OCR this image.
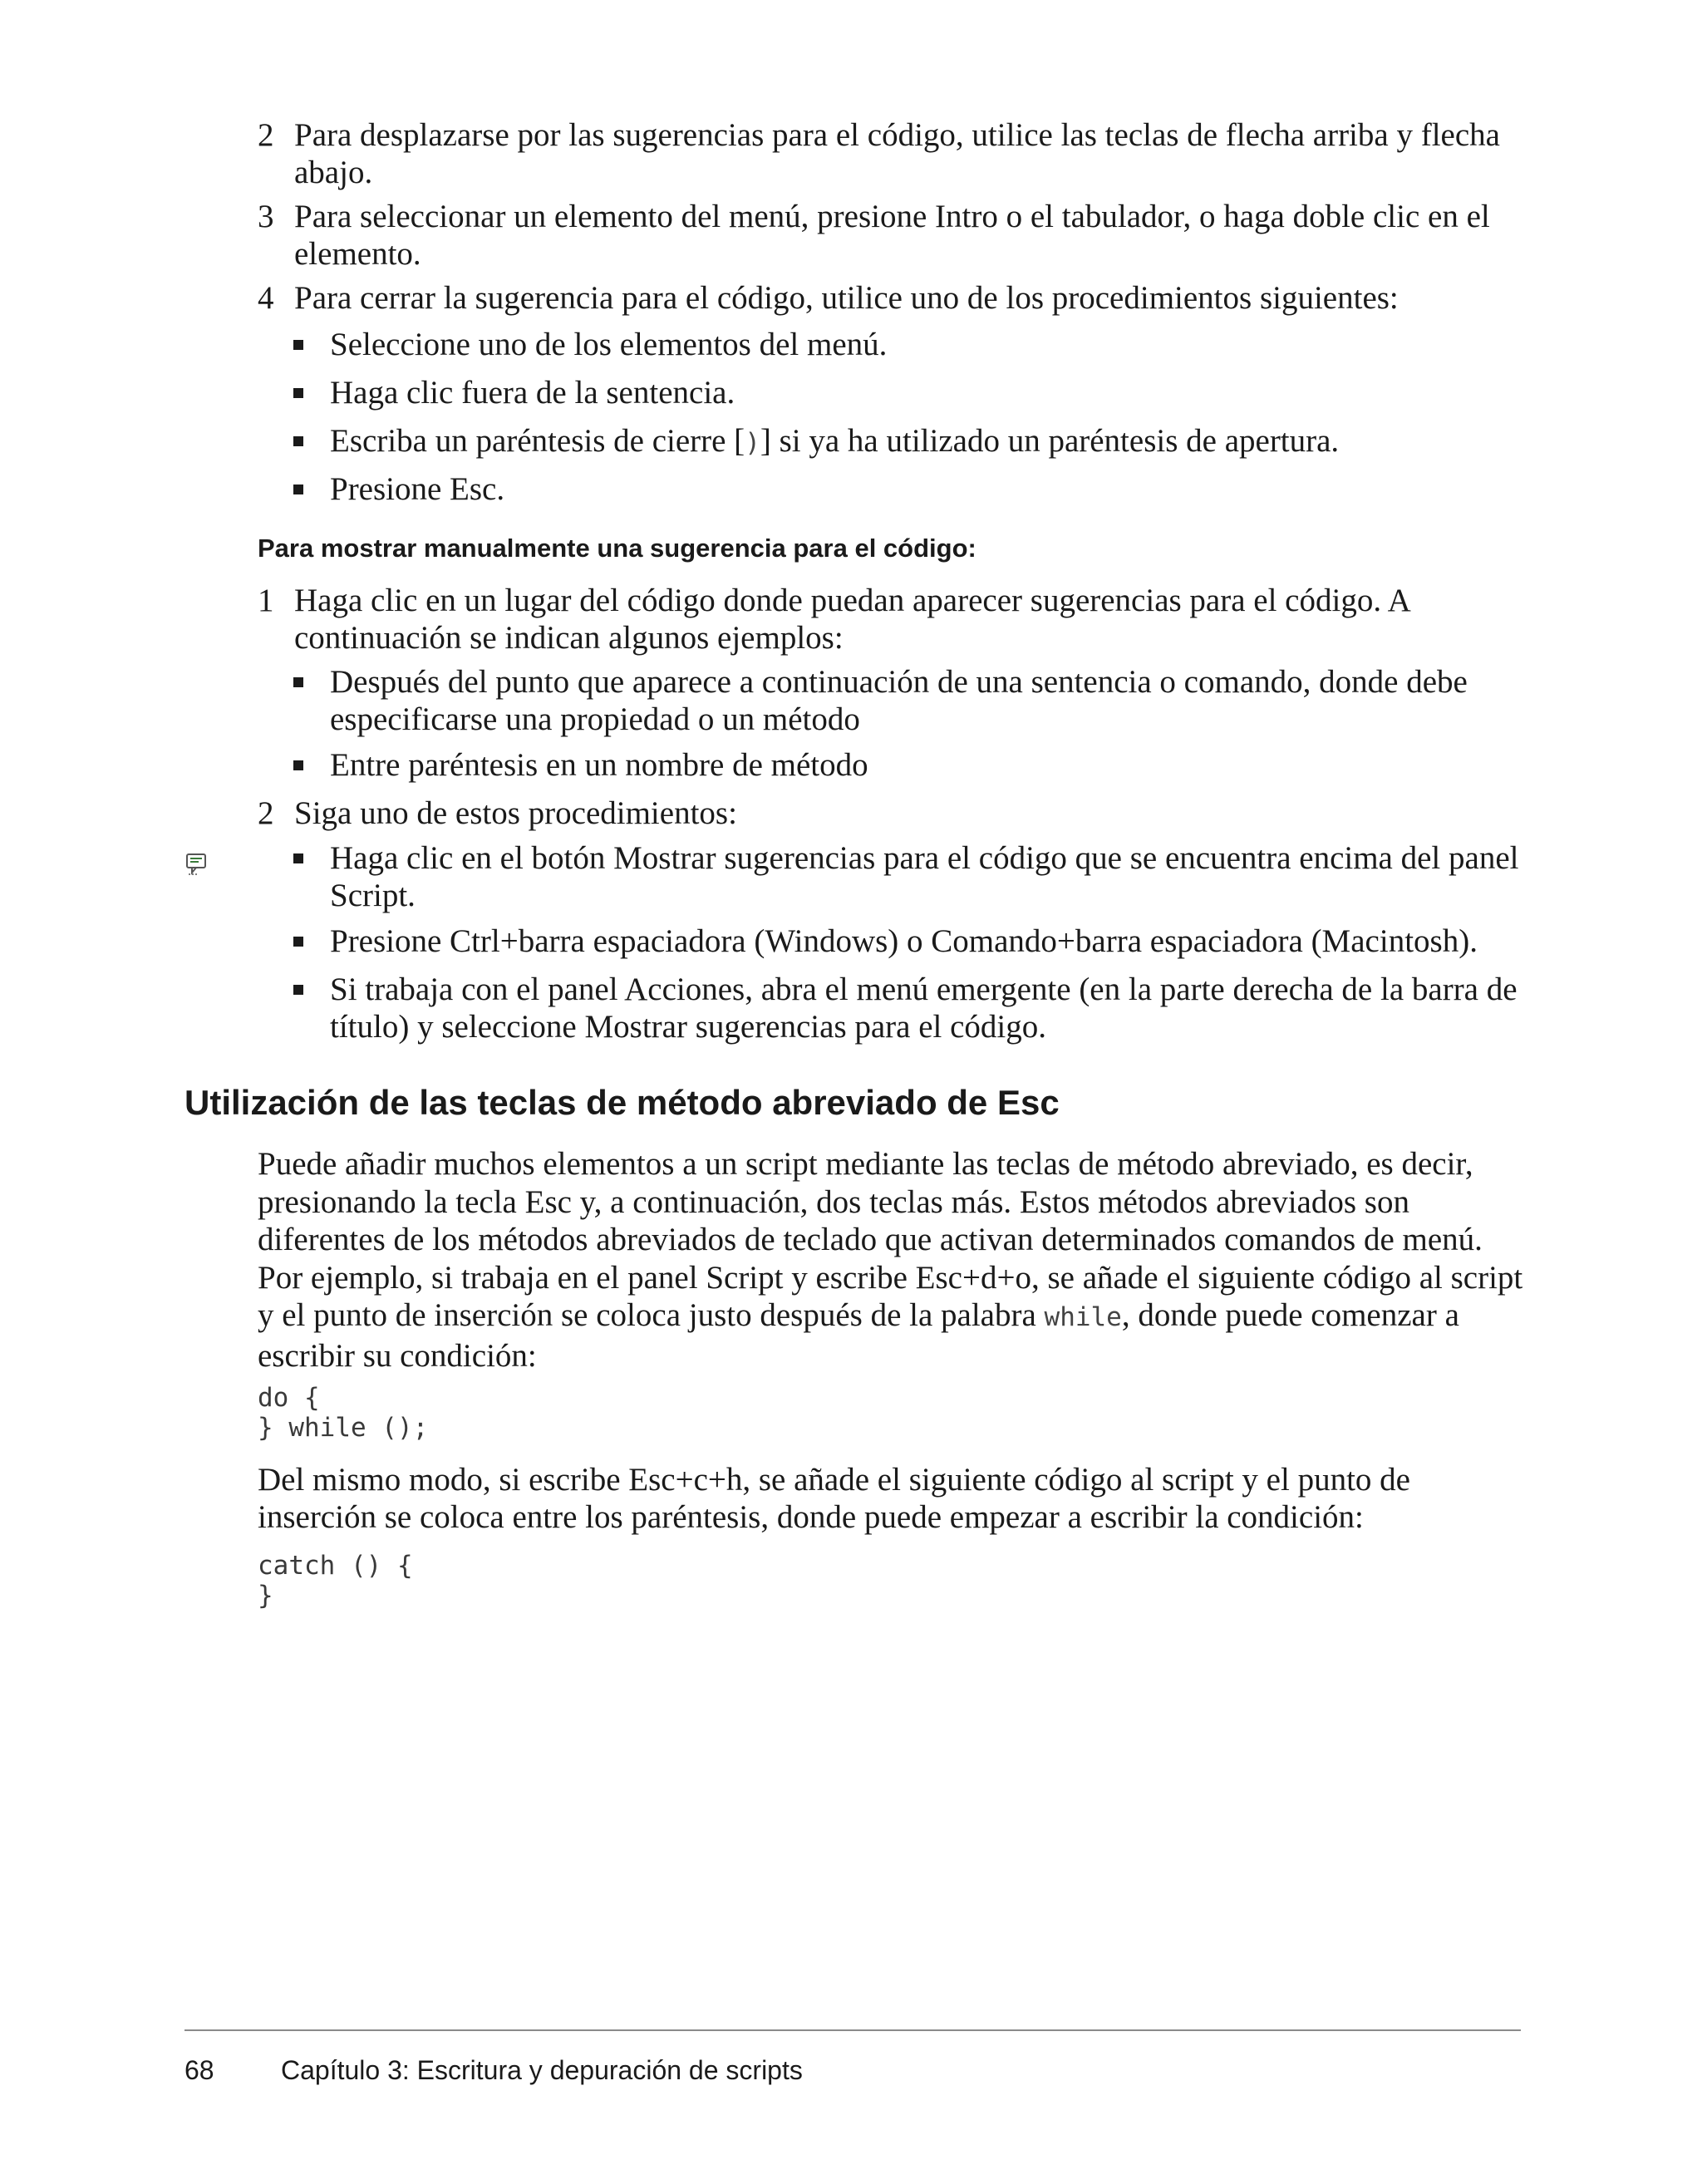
2 Para desplazarse por las sugerencias para el código, utilice las teclas de flecha arriba y flecha abajo.
3 Para seleccionar un elemento del menú, presione Intro o el tabulador, o haga doble clic en el elemento.
4 Para cerrar la sugerencia para el código, utilice uno de los procedimientos siguientes:
Seleccione uno de los elementos del menú.
Haga clic fuera de la sentencia.
Escriba un paréntesis de cierre [)] si ya ha utilizado un paréntesis de apertura.
Presione Esc.
Para mostrar manualmente una sugerencia para el código:
1 Haga clic en un lugar del código donde puedan aparecer sugerencias para el código. A continuación se indican algunos ejemplos:
Después del punto que aparece a continuación de una sentencia o comando, donde debe especificarse una propiedad o un método
Entre paréntesis en un nombre de método
2 Siga uno de estos procedimientos:
Haga clic en el botón Mostrar sugerencias para el código que se encuentra encima del panel Script.
Presione Ctrl+barra espaciadora (Windows) o Comando+barra espaciadora (Macintosh).
Si trabaja con el panel Acciones, abra el menú emergente (en la parte derecha de la barra de título) y seleccione Mostrar sugerencias para el código.
Utilización de las teclas de método abreviado de Esc
Puede añadir muchos elementos a un script mediante las teclas de método abreviado, es decir, presionando la tecla Esc y, a continuación, dos teclas más. Estos métodos abreviados son diferentes de los métodos abreviados de teclado que activan determinados comandos de menú. Por ejemplo, si trabaja en el panel Script y escribe Esc+d+o, se añade el siguiente código al script y el punto de inserción se coloca justo después de la palabra while, donde puede comenzar a escribir su condición:
do {
} while ();
Del mismo modo, si escribe Esc+c+h, se añade el siguiente código al script y el punto de inserción se coloca entre los paréntesis, donde puede empezar a escribir la condición:
catch () {
}
68	Capítulo 3: Escritura y depuración de scripts
